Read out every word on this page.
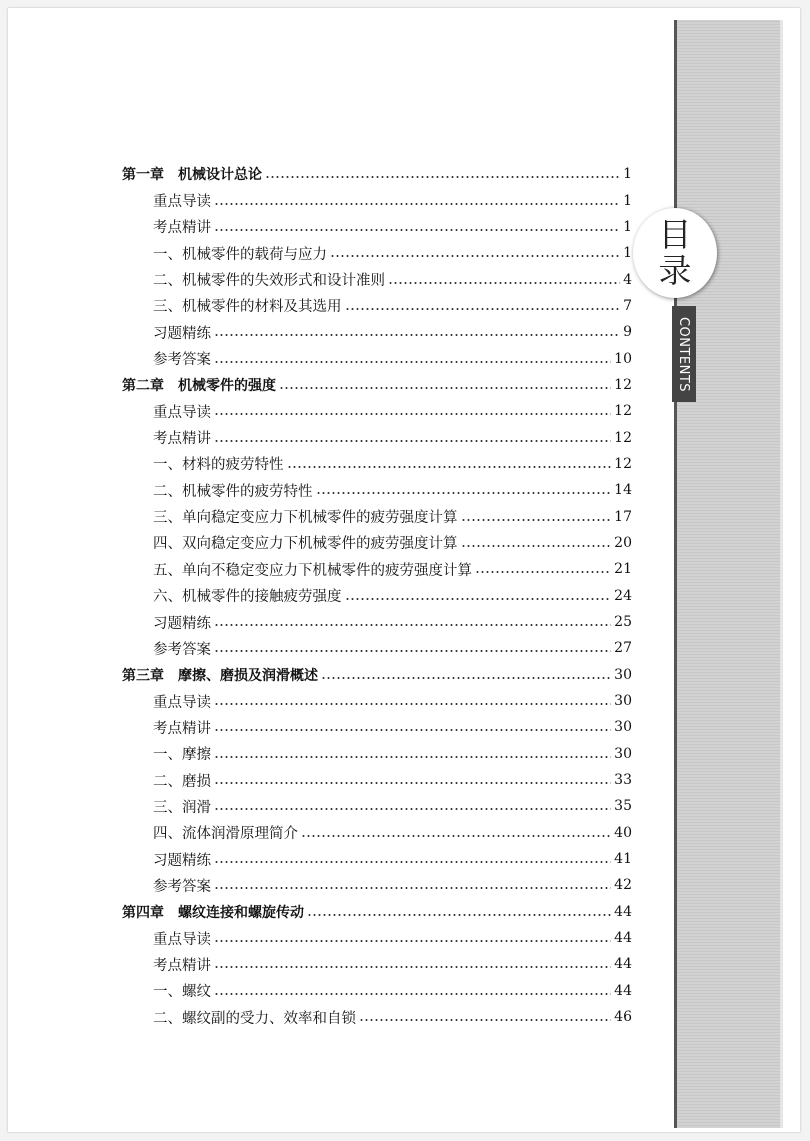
目录
CONTENTS
第一章　机械设计总论	1
重点导读	1
考点精讲	1
一、机械零件的载荷与应力	1
二、机械零件的失效形式和设计准则	4
三、机械零件的材料及其选用	7
习题精练	9
参考答案	10
第二章　机械零件的强度	12
重点导读	12
考点精讲	12
一、材料的疲劳特性	12
二、机械零件的疲劳特性	14
三、单向稳定变应力下机械零件的疲劳强度计算	17
四、双向稳定变应力下机械零件的疲劳强度计算	20
五、单向不稳定变应力下机械零件的疲劳强度计算	21
六、机械零件的接触疲劳强度	24
习题精练	25
参考答案	27
第三章　摩擦、磨损及润滑概述	30
重点导读	30
考点精讲	30
一、摩擦	30
二、磨损	33
三、润滑	35
四、流体润滑原理简介	40
习题精练	41
参考答案	42
第四章　螺纹连接和螺旋传动	44
重点导读	44
考点精讲	44
一、螺纹	44
二、螺纹副的受力、效率和自锁	46
